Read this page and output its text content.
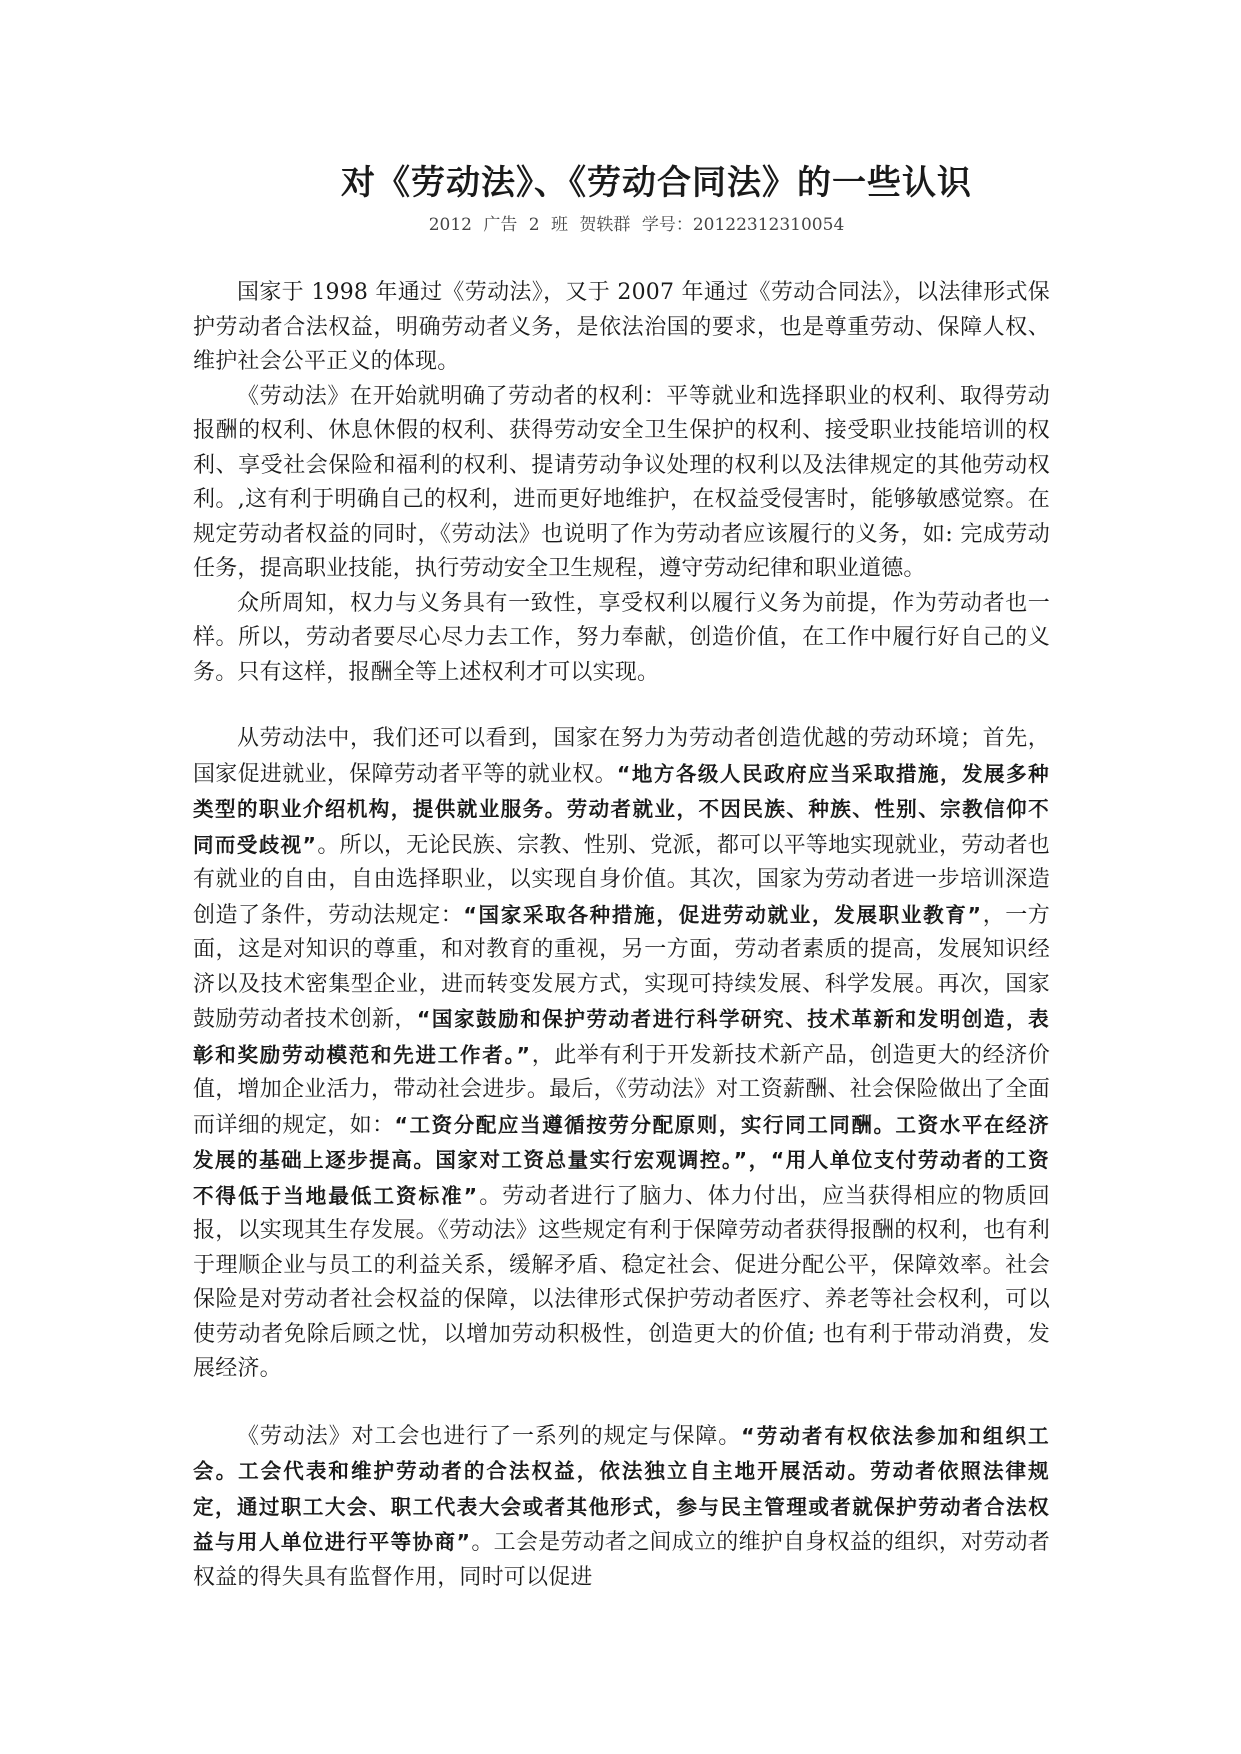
对《劳动法》、《劳动合同法》的一些认识
2012 广告 2 班 贺轶群 学号：20122312310054

国家于 1998 年通过《劳动法》，又于 2007 年通过《劳动合同法》，以法律形式保护劳动者合法权益，明确劳动者义务，是依法治国的要求，也是尊重劳动、保障人权、维护社会公平正义的体现。

《劳动法》在开始就明确了劳动者的权利：平等就业和选择职业的权利、取得劳动报酬的权利、休息休假的权利、获得劳动安全卫生保护的权利、接受职业技能培训的权利、享受社会保险和福利的权利、提请劳动争议处理的权利以及法律规定的其他劳动权利。,这有利于明确自己的权利，进而更好地维护，在权益受侵害时，能够敏感觉察。在规定劳动者权益的同时，《劳动法》也说明了作为劳动者应该履行的义务，如: 完成劳动任务，提高职业技能，执行劳动安全卫生规程，遵守劳动纪律和职业道德。

众所周知，权力与义务具有一致性，享受权利以履行义务为前提，作为劳动者也一样。所以，劳动者要尽心尽力去工作，努力奉献，创造价值，在工作中履行好自己的义务。只有这样，报酬全等上述权利才可以实现。

从劳动法中，我们还可以看到，国家在努力为劳动者创造优越的劳动环境；首先，国家促进就业，保障劳动者平等的就业权。“地方各级人民政府应当采取措施，发展多种类型的职业介绍机构，提供就业服务。劳动者就业，不因民族、种族、性别、宗教信仰不同而受歧视”。所以，无论民族、宗教、性别、党派，都可以平等地实现就业，劳动者也有就业的自由，自由选择职业，以实现自身价值。其次，国家为劳动者进一步培训深造创造了条件，劳动法规定：“国家采取各种措施，促进劳动就业，发展职业教育”，一方面，这是对知识的尊重，和对教育的重视，另一方面，劳动者素质的提高，发展知识经济以及技术密集型企业，进而转变发展方式，实现可持续发展、科学发展。再次，国家鼓励劳动者技术创新，“国家鼓励和保护劳动者进行科学研究、技术革新和发明创造，表彰和奖励劳动模范和先进工作者。”，此举有利于开发新技术新产品，创造更大的经济价值，增加企业活力，带动社会进步。最后，《劳动法》对工资薪酬、社会保险做出了全面而详细的规定，如：“工资分配应当遵循按劳分配原则，实行同工同酬。工资水平在经济发展的基础上逐步提高。国家对工资总量实行宏观调控。”，“用人单位支付劳动者的工资不得低于当地最低工资标准”。劳动者进行了脑力、体力付出，应当获得相应的物质回报，以实现其生存发展。《劳动法》这些规定有利于保障劳动者获得报酬的权利，也有利于理顺企业与员工的利益关系，缓解矛盾、稳定社会、促进分配公平，保障效率。社会保险是对劳动者社会权益的保障，以法律形式保护劳动者医疗、养老等社会权利，可以使劳动者免除后顾之忧，以增加劳动积极性，创造更大的价值; 也有利于带动消费，发展经济。

《劳动法》对工会也进行了一系列的规定与保障。“劳动者有权依法参加和组织工会。工会代表和维护劳动者的合法权益，依法独立自主地开展活动。劳动者依照法律规定，通过职工大会、职工代表大会或者其他形式，参与民主管理或者就保护劳动者合法权益与用人单位进行平等协商”。工会是劳动者之间成立的维护自身权益的组织，对劳动者权益的得失具有监督作用，同时可以促进
